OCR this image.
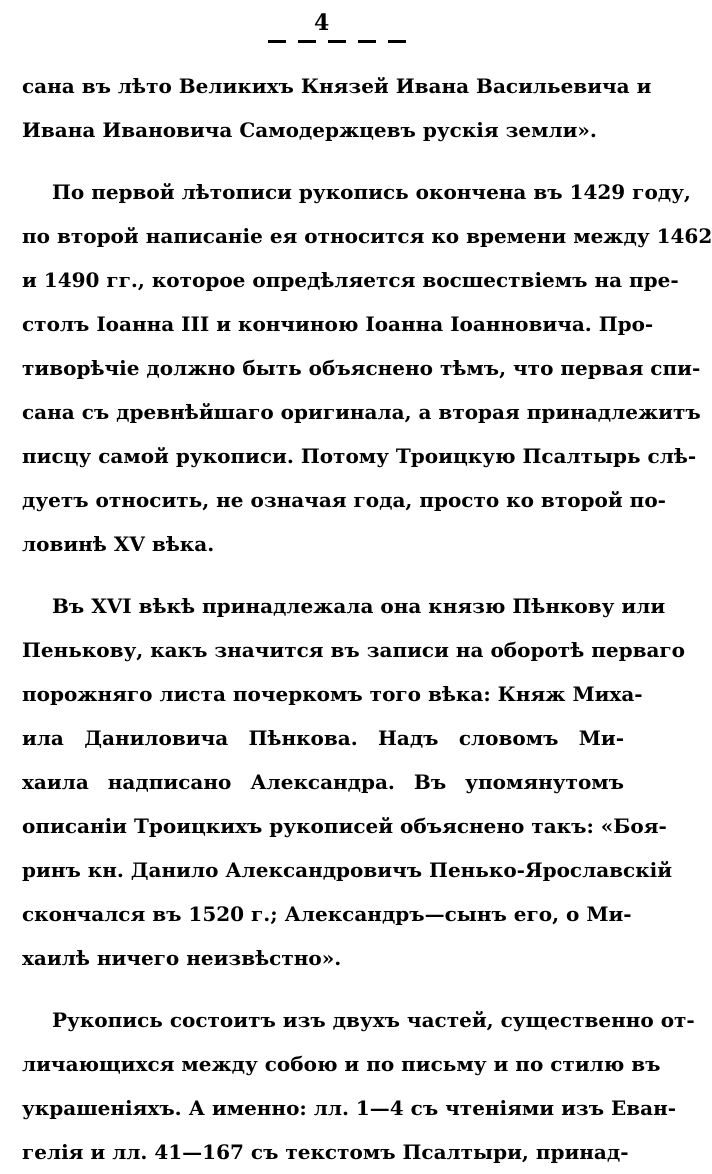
4
сана въ лѣто Великихъ Князей Ивана Васильевича и
Ивана Ивановича Самодержцевъ рускія земли».
По первой лѣтописи рукопись окончена въ 1429 году,
по второй написаніе ея относится ко времени между 1462
и 1490 гг., которое опредѣляется восшествіемъ на пре-
столъ Іоанна III и кончиною Іоанна Іоанновича. Про-
тиворѣчіе должно быть объяснено тѣмъ, что первая спи-
сана съ древнѣйшаго оригинала, а вторая принадлежитъ
писцу самой рукописи. Потому Троицкую Псалтырь слѣ-
дуетъ относить, не означая года, просто ко второй по-
ловинѣ XV вѣка.
Въ XVI вѣкѣ принадлежала она князю Пѣнкову или
Пенькову, какъ значится въ записи на оборотѣ перваго
порожняго листа почеркомъ того вѣка: Княж Миха-
ила Даниловича Пѣнкова. Надъ словомъ Ми-
хаила надписано Александра. Въ упомянутомъ
описаніи Троицкихъ рукописей объяснено такъ: «Боя-
ринъ кн. Данило Александровичъ Пенько-Ярославскій
скончался въ 1520 г.; Александръ—сынъ его, о Ми-
хаилѣ ничего неизвѣстно».
Рукопись состоитъ изъ двухъ частей, существенно от-
личающихся между собою и по письму и по стилю въ
украшеніяхъ. А именно: лл. 1—4 съ чтеніями изъ Еван-
гелія и лл. 41—167 съ текстомъ Псалтыри, принад-
